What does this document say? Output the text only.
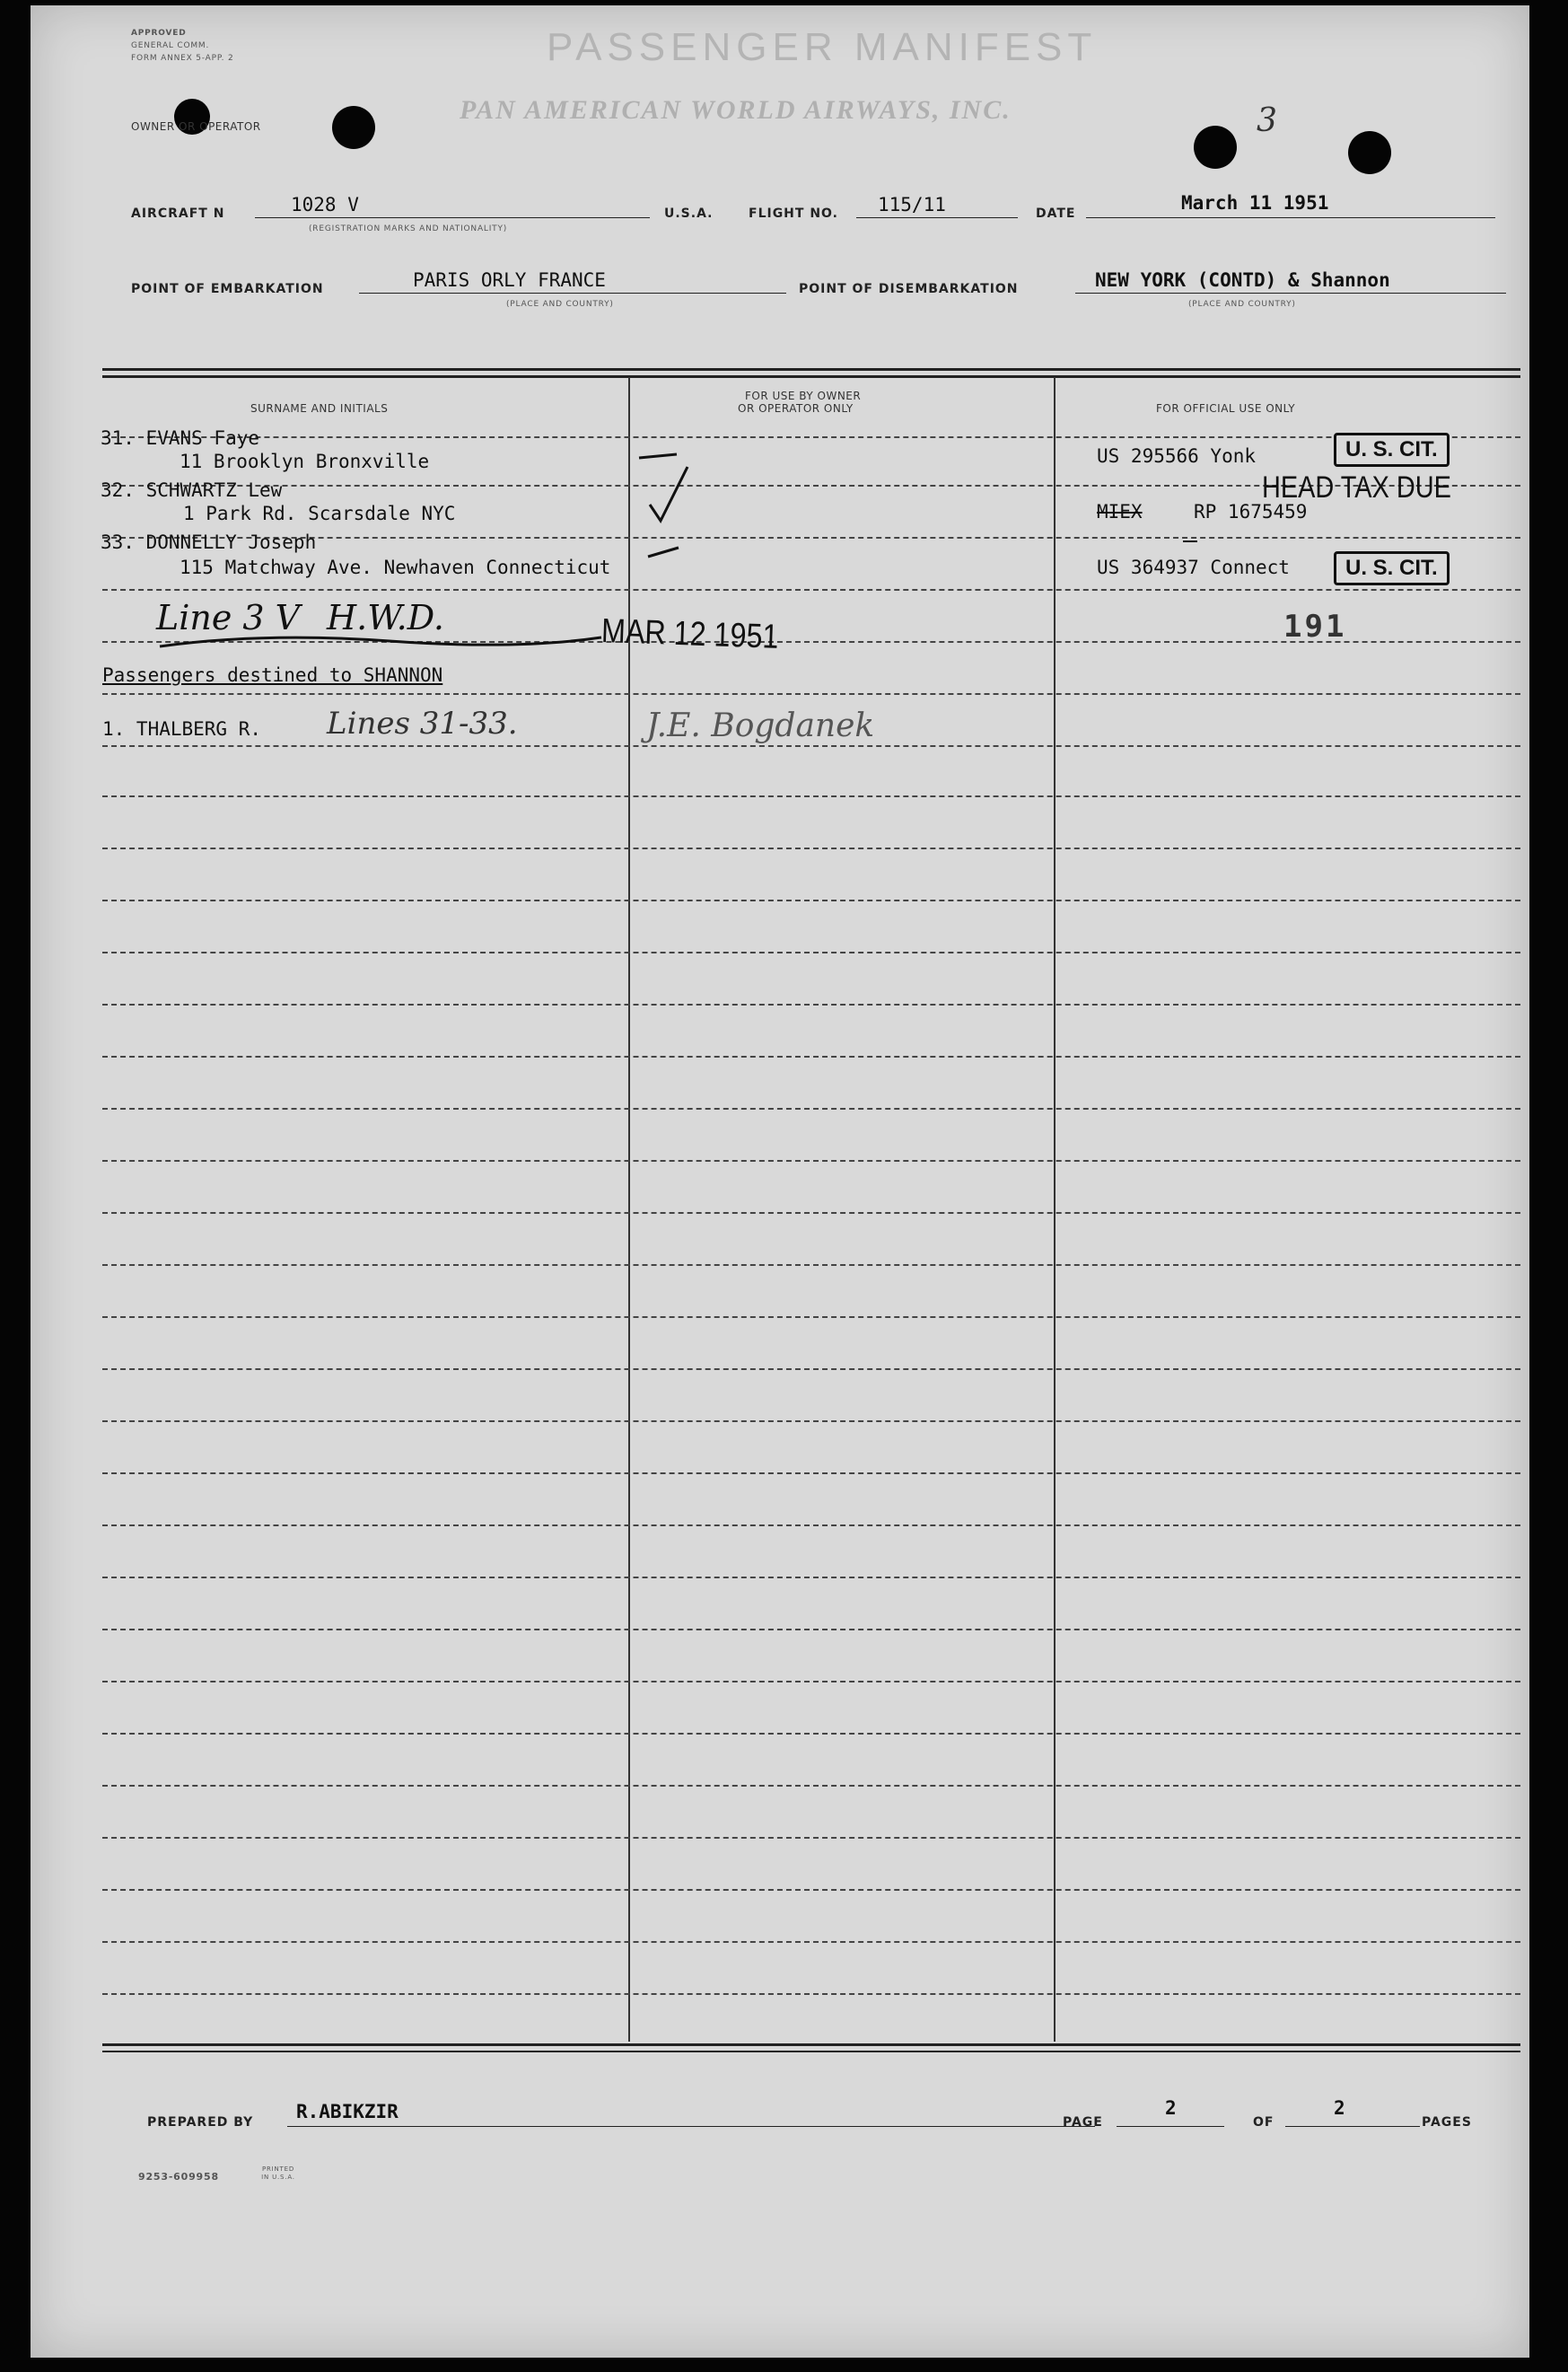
APPROVED
GENERAL COMM.
FORM ANNEX 5-APP. 2	PASSENGER MANIFEST
OWNER OR OPERATOR
PAN AMERICAN WORLD AIRWAYS, INC.	3
AIRCRAFT N	1028 V
(REGISTRATION MARKS AND NATIONALITY)
U.S.A.	FLIGHT NO. 115/11	DATE	March 11 1951
POINT OF EMBARKATION	PARIS ORLY FRANCE
(PLACE AND COUNTRY)
POINT OF DISEMBARKATION	NEW YORK (CONTD) & Shannon
(PLACE AND COUNTRY)
SURNAME AND INITIALS
FOR USE BY OWNER
OR OPERATOR ONLY	FOR OFFICIAL USE ONLY
31. EVANS Faye
11 Brooklyn Bronxville	US 295566 Yonk	U. S. CIT.
HEAD TAX DUE
32. SCHWARTZ Lew
1 Park Rd. Scarsdale NYC	MIEX	RP 1675459
33. DONNELLY Joseph
115 Matchway Ave. Newhaven Connecticut	US 364937 Connect	U. S. CIT.
Line 3 V H.W.D.	MAR 12 1951	191
Passengers destined to SHANNON
1. THALBERG R. Lines 31-33.	J.E. Bogdanek
PREPARED BY R.ABIKZIR	PAGE
2
OF
2
PAGES
9253-609958
PRINTED IN U.S.A.
